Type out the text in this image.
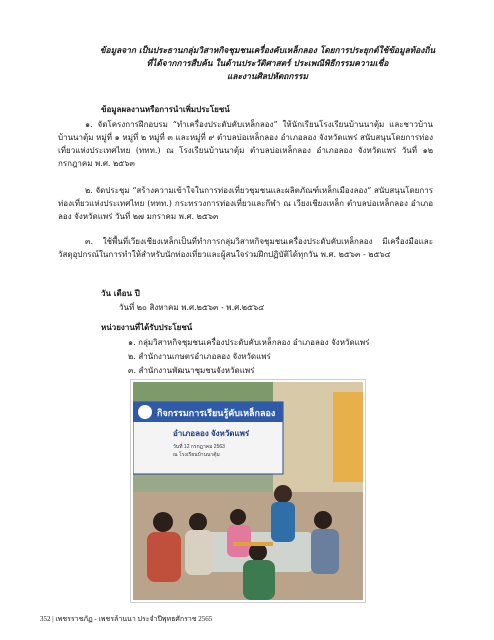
ข้อมูลจาก เป็นประธานกลุ่มวิสาหกิจชุมชนเครื่องคับเหล็กลอง โดยการประยุกต์ใช้ข้อมูลท้องถิ่น
ที่ได้จากการสืบค้น ในด้านประวัติศาสตร์ ประเพณีพิธีกรรมความเชื่อ
และงานศิลปหัตถกรรม
ข้อมูลผลงานหรือการนำเพิ่มประโยชน์
๑. จัดโครงการฝึกอบรม “ทำเครื่องประดับคับเหล็กลอง” ให้นักเรียนโรงเรียนบ้านนาตุ้ม และชาวบ้านบ้านนาตุ้ม หมู่ที่ ๑ หมู่ที่ ๒ หมู่ที่ ๓ และหมู่ที่ ๙ ตำบลบ่อเหล็กลอง อำเภอลอง จังหวัดแพร่ สนับสนุนโดยการท่องเที่ยวแห่งประเทศไทย (ททท.) ณ โรงเรียนบ้านนาตุ้ม ตำบลบ่อเหล็กลอง อำเภอลอง จังหวัดแพร่ วันที่ ๑๒ กรกฎาคม พ.ศ. ๒๕๖๓
๒. จัดประชุม “สร้างความเข้าใจในการท่องเที่ยวชุมชนและผลิตภัณฑ์เหล็กเมืองลอง” สนับสนุนโดยการท่องเที่ยวแห่งประเทศไทย (ททท.) กระทรวงการท่องเที่ยวและกีฬา ณ เวียงเชียงเหล็ก ตำบลบ่อเหล็กลอง อำเภอลอง จังหวัดแพร่ วันที่ ๒๗ มกราคม พ.ศ. ๒๕๖๓
๓. ใช้พื้นที่เวียงเชียงเหล็กเป็นที่ทำการกลุ่มวิสาหกิจชุมชนเครื่องประดับคับเหล็กลอง มีเครื่องมือและวัสดุอุปกรณ์ในการทำให้สำหรับนักท่องเที่ยวและผู้สนใจร่วมฝึกปฏิบัติได้ทุกวัน พ.ศ. ๒๕๖๓ - ๒๕๖๔
วัน เดือน ปี
วันที่ ๒๐ สิงหาคม พ.ศ.๒๕๖๓ - พ.ศ.๒๕๖๔
หน่วยงานที่ได้รับประโยชน์
๑. กลุ่มวิสาหกิจชุมชนเครื่องประดับคับเหล็กลอง อำเภอลอง จังหวัดแพร่
๒. สำนักงานเกษตรอำเภอลอง จังหวัดแพร่
๓. สำนักงานพัฒนาชุมชนจังหวัดแพร่
กิจกรรมการเรียนรู้คับเหล็กลอง
อำเภอลอง จังหวัดแพร่
วันที่ 12 กรกฎาคม 2563
ณ โรงเรียนบ้านนาตุ้ม
352 | เพชรราชภัฏ - เพชรล้านนา ประจำปีพุทธศักราช 2565
